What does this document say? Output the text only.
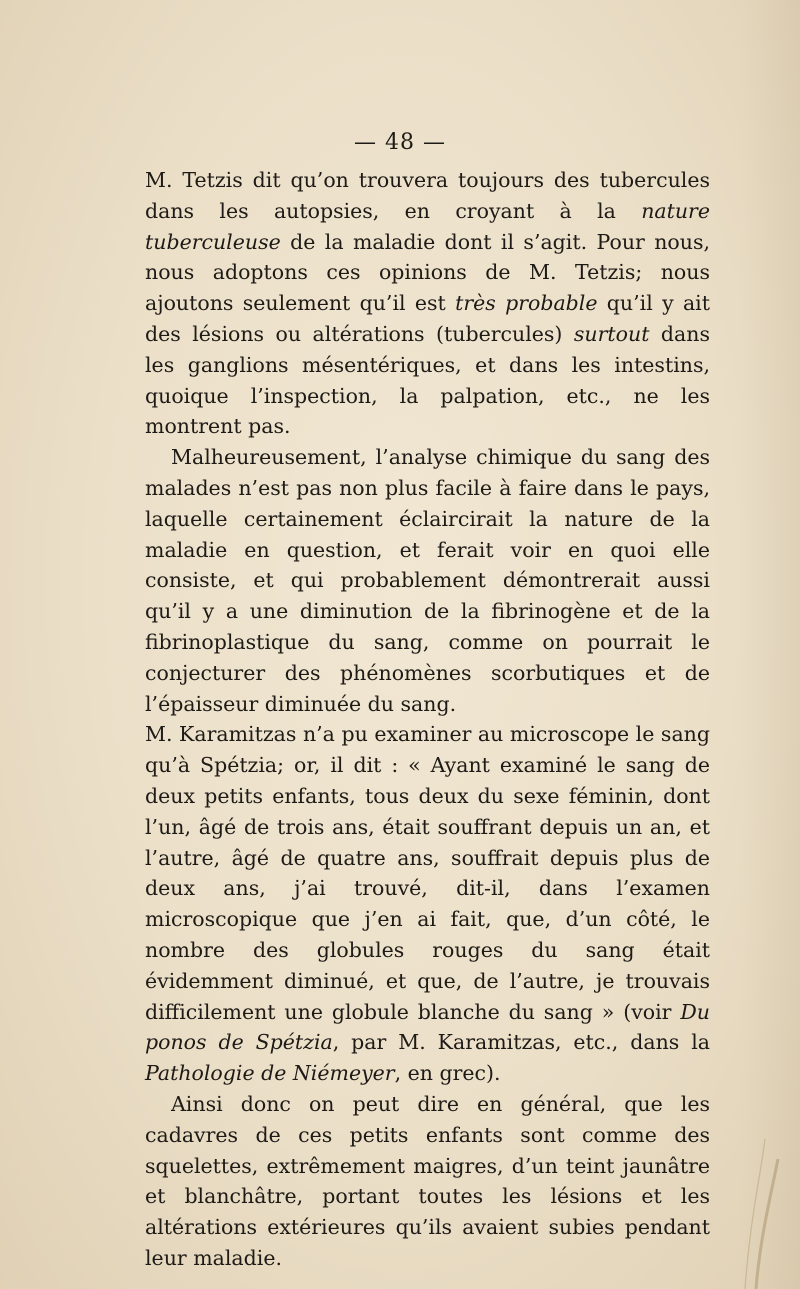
— 48 —

M. Tetzis dit qu’on trouvera toujours des tubercules dans les autopsies, en croyant à la nature tuberculeuse de la maladie dont il s’agit. Pour nous, nous adoptons ces opinions de M. Tetzis; nous ajoutons seulement qu’il est très probable qu’il y ait des lésions ou altérations (tubercules) surtout dans les ganglions mésentériques, et dans les intestins, quoique l’inspection, la palpation, etc., ne les montrent pas.

Malheureusement, l’analyse chimique du sang des malades n’est pas non plus facile à faire dans le pays, laquelle certainement éclaircirait la nature de la maladie en question, et ferait voir en quoi elle consiste, et qui probablement démontrerait aussi qu’il y a une diminution de la fibrinogène et de la fibrinoplastique du sang, comme on pourrait le conjecturer des phénomènes scorbutiques et de l’épaisseur diminuée du sang.

M. Karamitzas n’a pu examiner au microscope le sang qu’à Spétzia; or, il dit : « Ayant examiné le sang de deux petits enfants, tous deux du sexe féminin, dont l’un, âgé de trois ans, était souffrant depuis un an, et l’autre, âgé de quatre ans, souffrait depuis plus de deux ans, j’ai trouvé, dit-il, dans l’examen microscopique que j’en ai fait, que, d’un côté, le nombre des globules rouges du sang était évidemment diminué, et que, de l’autre, je trouvais difficilement une globule blanche du sang » (voir Du ponos de Spétzia, par M. Karamitzas, etc., dans la Pathologie de Niémeyer, en grec).

Ainsi donc on peut dire en général, que les cadavres de ces petits enfants sont comme des squelettes, extrêmement maigres, d’un teint jaunâtre et blanchâtre, portant toutes les lésions et les altérations extérieures qu’ils avaient subies pendant leur maladie.
